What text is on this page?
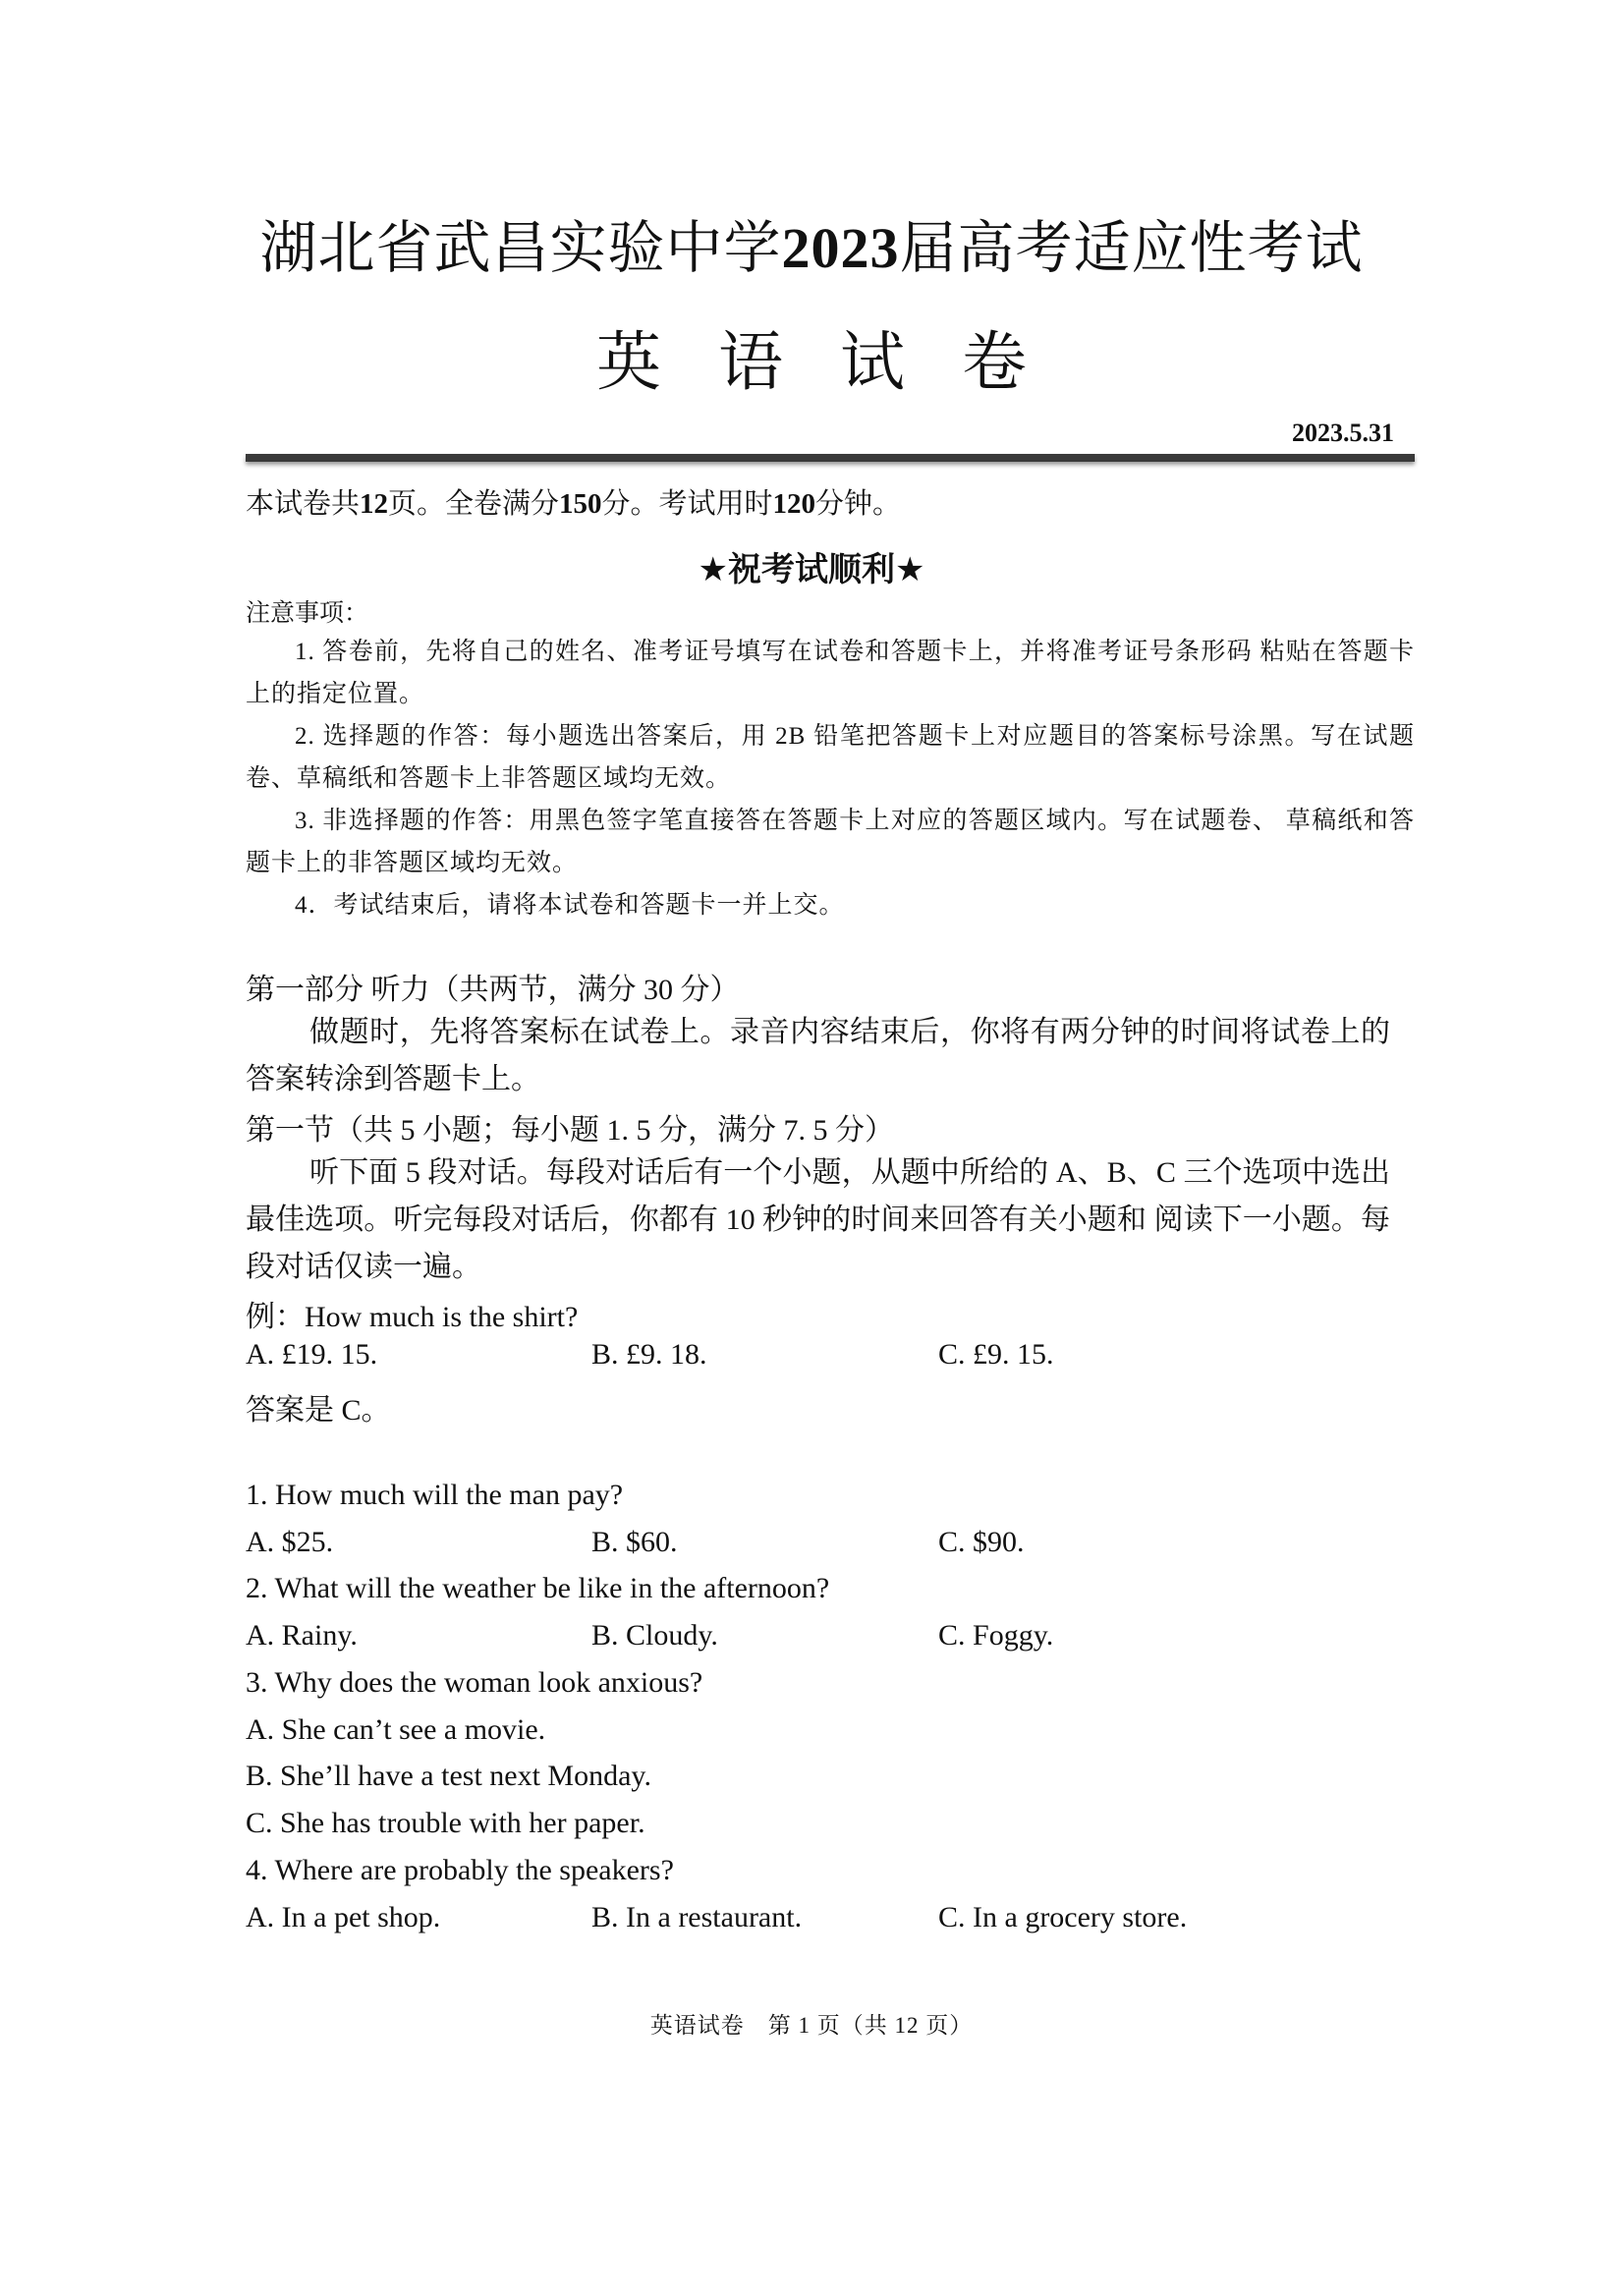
湖北省武昌实验中学2023届高考适应性考试
英语试卷
2023.5.31
本试卷共12页。全卷满分150分。考试用时120分钟。
★祝考试顺利★
注意事项：

1. 答卷前，先将自己的姓名、准考证号填写在试卷和答题卡上，并将准考证号条形码 粘贴在答题卡上的指定位置。

2. 选择题的作答：每小题选出答案后，用 2B 铅笔把答题卡上对应题目的答案标号涂黑。写在试题卷、草稿纸和答题卡上非答题区域均无效。

3. 非选择题的作答：用黑色签字笔直接答在答题卡上对应的答题区域内。写在试题卷、 草稿纸和答题卡上的非答题区域均无效。

4．考试结束后，请将本试卷和答题卡一并上交。

第一部分 听力（共两节，满分 30 分）

做题时，先将答案标在试卷上。录音内容结束后，你将有两分钟的时间将试卷上的答案转涂到答题卡上。

第一节（共 5 小题；每小题 1. 5 分，满分 7. 5 分）

听下面 5 段对话。每段对话后有一个小题，从题中所给的 A、B、C 三个选项中选出最佳选项。听完每段对话后，你都有 10 秒钟的时间来回答有关小题和 阅读下一小题。每段对话仅读一遍。

例：How much is the shirt?
A. £19. 15.	B. £9. 18.	C. £9. 15.
答案是 C。
1. How much will the man pay?
A. $25.	B. $60.	C. $90.
2. What will the weather be like in the afternoon?
A. Rainy.	B. Cloudy.	C. Foggy.
3. Why does the woman look anxious?
A. She can’t see a movie.
B. She’ll have a test next Monday.
C. She has trouble with her paper.
4. Where are probably the speakers?
A. In a pet shop.	B. In a restaurant.	C. In a grocery store.
英语试卷　第 1 页（共 12 页）
